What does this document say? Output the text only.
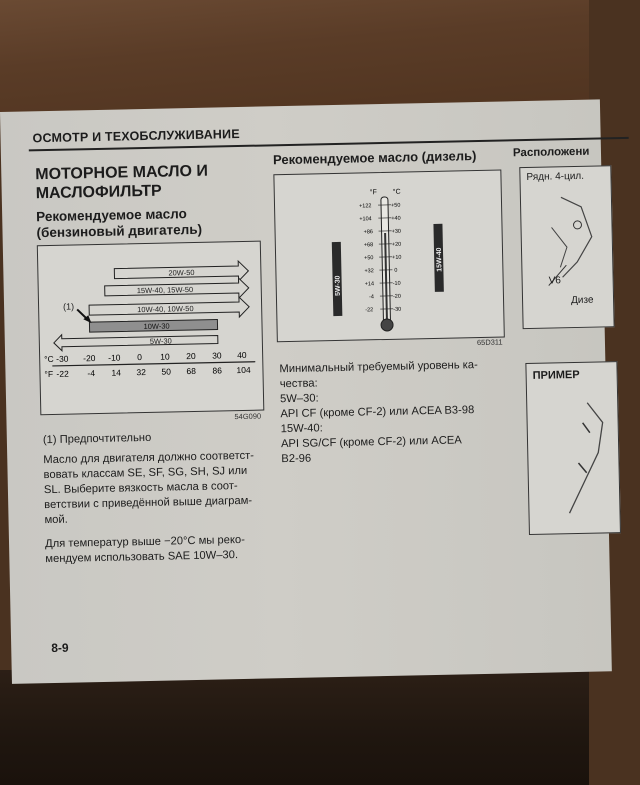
ОСМОТР И ТЕХОБСЛУЖИВАНИЕ
МОТОРНОЕ МАСЛО И
МАСЛОФИЛЬТР
Рекомендуемое масло
(бензиновый двигатель)
20W-50
15W-40, 15W-50
10W-40, 10W-50
10W-30
5W-30
(1)
°C
°F
-30 -20 -10 0 10 20 30 40
-22 -4 14 32 50 68 86 104
54G090
(1) Предпочтительно
Масло для двигателя должно соответст-
вовать классам SE, SF, SG, SH, SJ или
SL. Выберите вязкость масла в соот-
ветствии с приведённой выше диаграм-
мой.
Для температур выше −20°C мы реко-
мендуем использовать SAE 10W–30.
Рекомендуемое масло (дизель)
°F °C
+122
+104
+86
+68
+50
+32
+14
-4
-22
+50
+40
+30
+20
+10
0
-10
-20
-30
5W-30
15W-40
65D311
Минимальный требуемый уровень ка-
чества:
5W–30:
API CF (кроме CF-2) или ACEA B3-98
15W-40:
API SG/CF (кроме CF-2) или ACEA
B2-96
Расположени
Рядн. 4-цил.
V6
Дизе
ПРИМЕР
8-9
